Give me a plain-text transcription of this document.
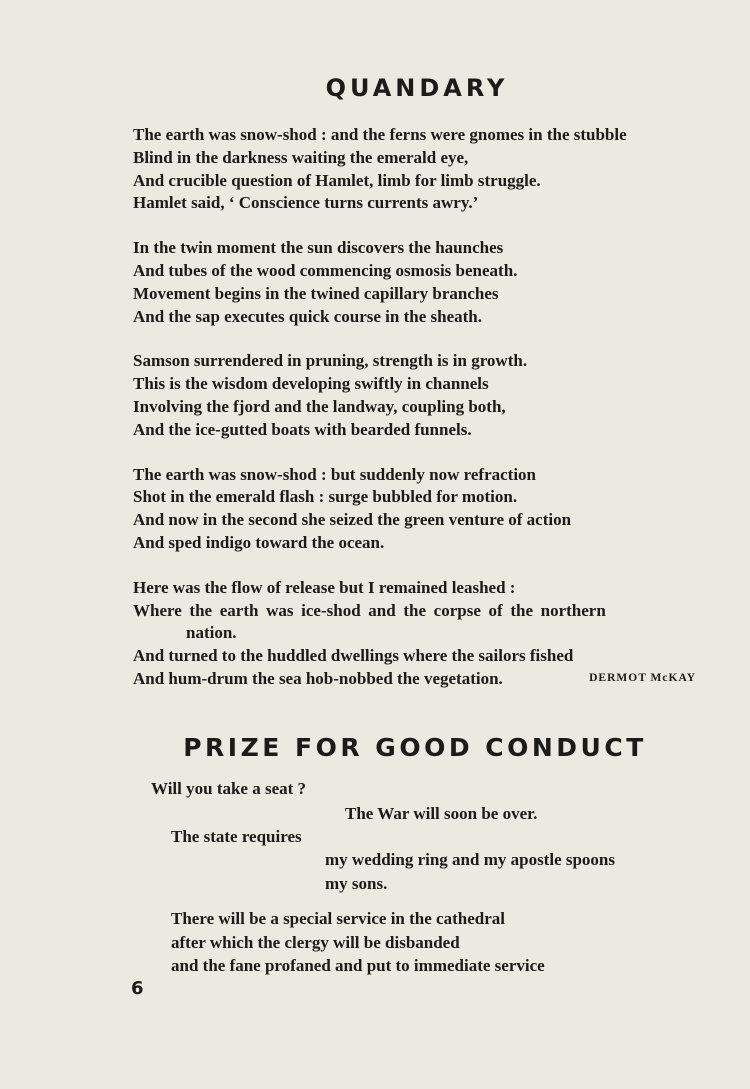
QUANDARY
The earth was snow-shod : and the ferns were gnomes in the stubble
Blind in the darkness waiting the emerald eye,
And crucible question of Hamlet, limb for limb struggle.
Hamlet said, ‘ Conscience turns currents awry.’
In the twin moment the sun discovers the haunches
And tubes of the wood commencing osmosis beneath.
Movement begins in the twined capillary branches
And the sap executes quick course in the sheath.
Samson surrendered in pruning, strength is in growth.
This is the wisdom developing swiftly in channels
Involving the fjord and the landway, coupling both,
And the ice-gutted boats with bearded funnels.
The earth was snow-shod : but suddenly now refraction
Shot in the emerald flash : surge bubbled for motion.
And now in the second she seized the green venture of action
And sped indigo toward the ocean.
Here was the flow of release but I remained leashed :
Where the earth was ice-shod and the corpse of the northern
nation.
And turned to the huddled dwellings where the sailors fished
And hum-drum the sea hob-nobbed the vegetation.	DERMOT McKAY
PRIZE FOR GOOD CONDUCT
Will you take a seat ?
The War will soon be over.
The state requires
my wedding ring and my apostle spoons
my sons.
There will be a special service in the cathedral
after which the clergy will be disbanded
and the fane profaned and put to immediate service
6
